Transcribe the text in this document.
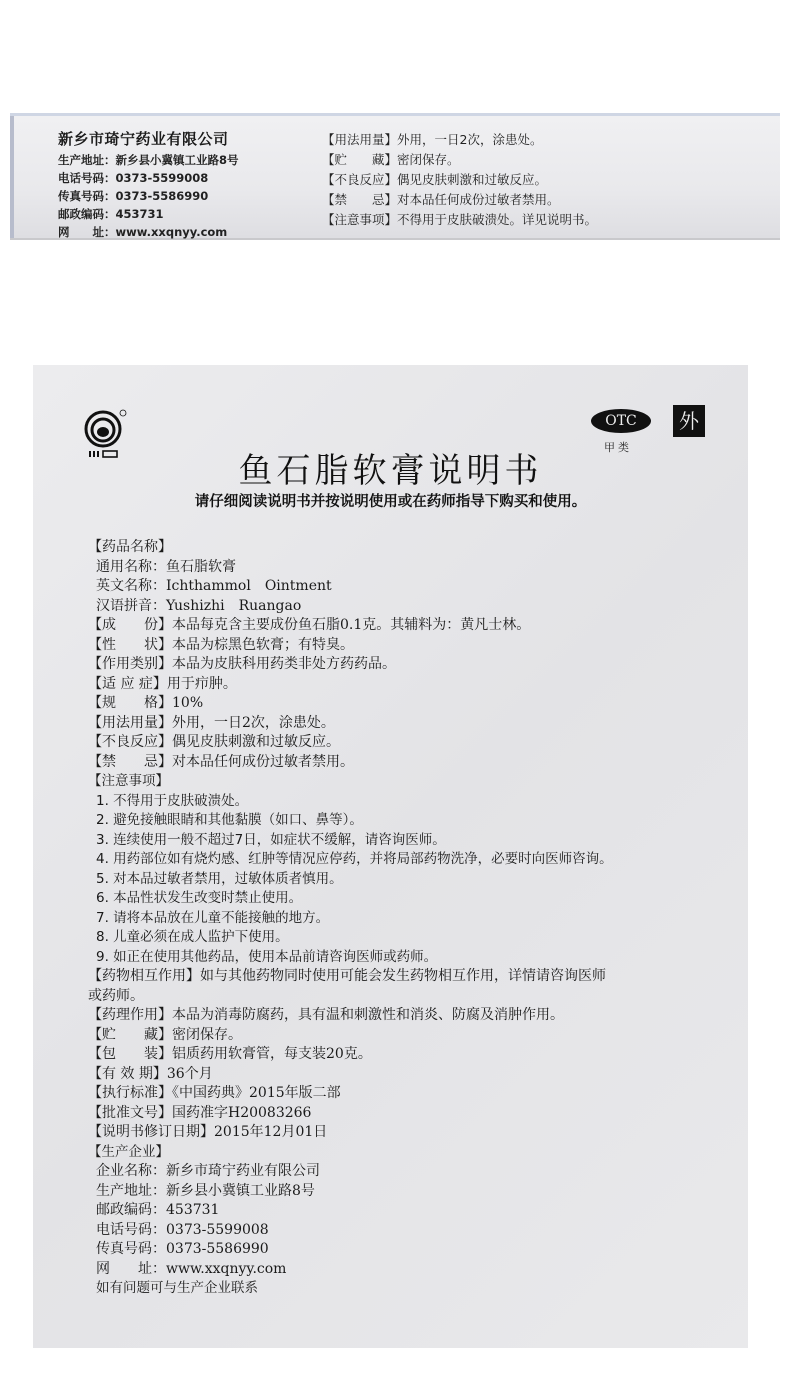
新乡市琦宁药业有限公司
生产地址：新乡县小冀镇工业路8号
电话号码：0373-5599008
传真号码：0373-5586990
邮政编码：453731
网　　址：www.xxqnyy.com
【用法用量】外用，一日2次，涂患处。
【贮　　藏】密闭保存。
【不良反应】偶见皮肤刺激和过敏反应。
【禁　　忌】对本品任何成份过敏者禁用。
【注意事项】不得用于皮肤破溃处。详见说明书。
OTC
甲类
外
鱼石脂软膏说明书
请仔细阅读说明书并按说明使用或在药师指导下购买和使用。
【药品名称】
通用名称：鱼石脂软膏
英文名称：Ichthammol　Ointment
汉语拼音：Yushizhi　Ruangao
【成　　份】本品每克含主要成份鱼石脂0.1克。其辅料为：黄凡士林。
【性　　状】本品为棕黑色软膏；有特臭。
【作用类别】本品为皮肤科用药类非处方药药品。
【适 应 症】用于疖肿。
【规　　格】10%
【用法用量】外用，一日2次，涂患处。
【不良反应】偶见皮肤刺激和过敏反应。
【禁　　忌】对本品任何成份过敏者禁用。
【注意事项】
1. 不得用于皮肤破溃处。
2. 避免接触眼睛和其他黏膜（如口、鼻等）。
3. 连续使用一般不超过7日，如症状不缓解，请咨询医师。
4. 用药部位如有烧灼感、红肿等情况应停药，并将局部药物洗净，必要时向医师咨询。
5. 对本品过敏者禁用，过敏体质者慎用。
6. 本品性状发生改变时禁止使用。
7. 请将本品放在儿童不能接触的地方。
8. 儿童必须在成人监护下使用。
9. 如正在使用其他药品，使用本品前请咨询医师或药师。
【药物相互作用】如与其他药物同时使用可能会发生药物相互作用，详情请咨询医师
或药师。
【药理作用】本品为消毒防腐药，具有温和刺激性和消炎、防腐及消肿作用。
【贮　　藏】密闭保存。
【包　　装】铝质药用软膏管，每支装20克。
【有 效 期】36个月
【执行标准】《中国药典》2015年版二部
【批准文号】国药准字H20083266
【说明书修订日期】2015年12月01日
【生产企业】
企业名称：新乡市琦宁药业有限公司
生产地址：新乡县小冀镇工业路8号
邮政编码：453731
电话号码：0373-5599008
传真号码：0373-5586990
网　　址：www.xxqnyy.com
如有问题可与生产企业联系
